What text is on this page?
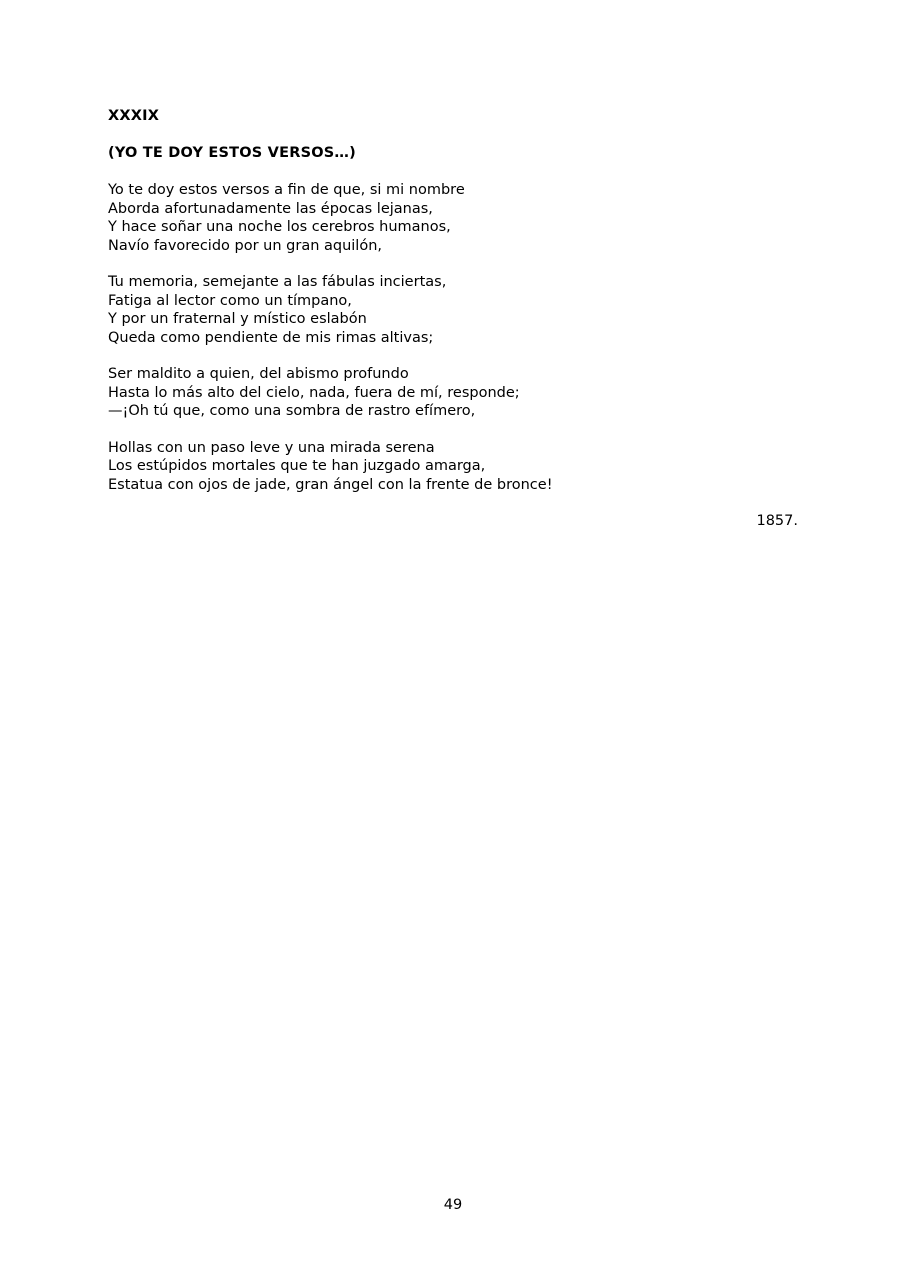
XXXIX
(YO TE DOY ESTOS VERSOS…)
Yo te doy estos versos a fin de que, si mi nombre
Aborda afortunadamente las épocas lejanas,
Y hace soñar una noche los cerebros humanos,
Navío favorecido por un gran aquilón,
Tu memoria, semejante a las fábulas inciertas,
Fatiga al lector como un tímpano,
Y por un fraternal y místico eslabón
Queda como pendiente de mis rimas altivas;
Ser maldito a quien, del abismo profundo
Hasta lo más alto del cielo, nada, fuera de mí, responde;
—¡Oh tú que, como una sombra de rastro efímero,
Hollas con un paso leve y una mirada serena
Los estúpidos mortales que te han juzgado amarga,
Estatua con ojos de jade, gran ángel con la frente de bronce!
1857.
49
